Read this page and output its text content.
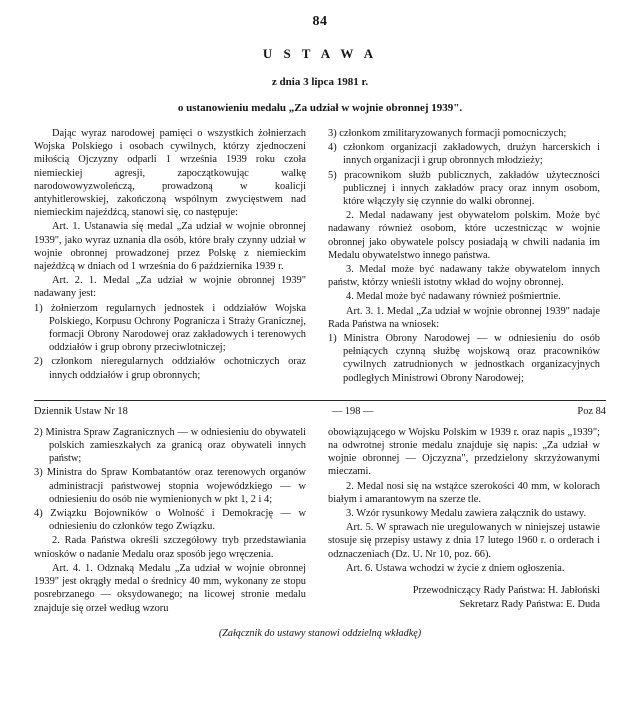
84
U S T A W A
z dnia 3 lipca 1981 r.
o ustanowieniu medalu „Za udział w wojnie obronnej 1939".

Dając wyraz narodowej pamięci o wszystkich żołnierzach Wojska Polskiego i osobach cywilnych, którzy zjednoczeni miłością Ojczyzny odparli 1 września 1939 roku czoła niemieckiej agresji, zapoczątkowując walkę narodowowyzwoleńczą, prowadzoną w koalicji antyhitlerowskiej, zakończoną wspólnym zwycięstwem nad niemieckim najeźdźcą, stanowi się, co następuje:

Art. 1. Ustanawia się medal „Za udział w wojnie obronnej 1939", jako wyraz uznania dla osób, które brały czynny udział w wojnie obronnej prowadzonej przez Polskę z niemieckim najeźdźcą w dniach od 1 września do 6 października 1939 r.

Art. 2. 1. Medal „Za udział w wojnie obronnej 1939" nadawany jest:

1) żołnierzom regularnych jednostek i oddziałów Wojska Polskiego, Korpusu Ochrony Pogranicza i Straży Granicznej, formacji Obrony Narodowej oraz zakładowych i terenowych oddziałów i grup obrony przeciwlotniczej;

2) członkom nieregularnych oddziałów ochotniczych oraz innych oddziałów i grup obronnych;

3) członkom zmilitaryzowanych formacji pomocniczych;

4) członkom organizacji zakładowych, drużyn harcerskich i innych organizacji i grup obronnych młodzieży;

5) pracownikom służb publicznych, zakładów użyteczności publicznej i innych zakładów pracy oraz innym osobom, które włączyły się czynnie do walki obronnej.

2. Medal nadawany jest obywatelom polskim. Może być nadawany również osobom, które uczestnicząc w wojnie obronnej jako obywatele polscy posiadają w chwili nadania im Medalu obywatelstwo innego państwa.

3. Medal może być nadawany także obywatelom innych państw, którzy wnieśli istotny wkład do wojny obronnej.

4. Medal może być nadawany również pośmiertnie.

Art. 3. 1. Medal „Za udział w wojnie obronnej 1939" nadaje Rada Państwa na wniosek:

1) Ministra Obrony Narodowej — w odniesieniu do osób pełniących czynną służbę wojskową oraz pracowników cywilnych zatrudnionych w jednostkach organizacyjnych podległych Ministrowi Obrony Narodowej;

Dziennik Ustaw Nr 18	— 198 —	Poz 84

2) Ministra Spraw Zagranicznych — w odniesieniu do obywateli polskich zamieszkałych za granicą oraz obywateli innych państw;

3) Ministra do Spraw Kombatantów oraz terenowych organów administracji państwowej stopnia wojewódzkiego — w odniesieniu do osób nie wymienionych w pkt 1, 2 i 4;

4) Związku Bojowników o Wolność i Demokrację — w odniesieniu do członków tego Związku.

2. Rada Państwa określi szczegółowy tryb przedstawiania wniosków o nadanie Medalu oraz sposób jego wręczenia.

Art. 4. 1. Odznaką Medalu „Za udział w wojnie obronnej 1939" jest okrągły medal o średnicy 40 mm, wykonany ze stopu posrebrzanego — oksydowanego; na licowej stronie medalu znajduje się orzeł według wzoru

obowiązującego w Wojsku Polskim w 1939 r. oraz napis „1939"; na odwrotnej stronie medalu znajduje się napis: „Za udział w wojnie obronnej — Ojczyzna", przedzielony skrzyżowanymi mieczami.

2. Medal nosi się na wstążce szerokości 40 mm, w kolorach białym i amarantowym na szerze tle.

3. Wzór rysunkowy Medalu zawiera załącznik do ustawy.

Art. 5. W sprawach nie uregulowanych w niniejszej ustawie stosuje się przepisy ustawy z dnia 17 lutego 1960 r. o orderach i odznaczeniach (Dz. U. Nr 10, poz. 66).

Art. 6. Ustawa wchodzi w życie z dniem ogłoszenia.

Przewodniczący Rady Państwa: H. Jabłoński
Sekretarz Rady Państwa: E. Duda
(Załącznik do ustawy stanowi oddzielną wkładkę)
